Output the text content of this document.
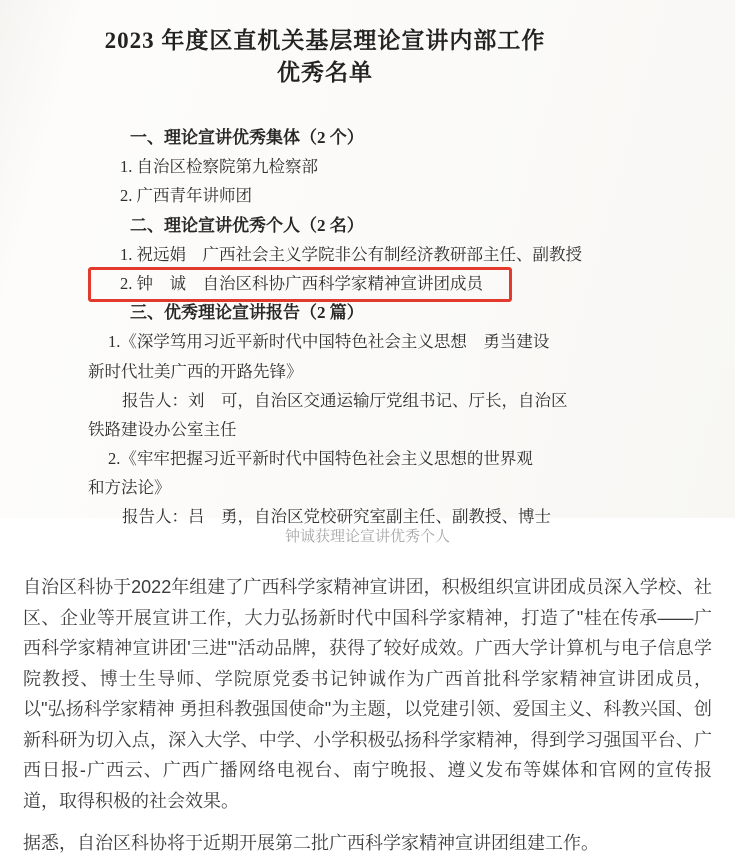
2023 年度区直机关基层理论宣讲内部工作
优秀名单
一、理论宣讲优秀集体（2 个）
1. 自治区检察院第九检察部
2. 广西青年讲师团
二、理论宣讲优秀个人（2 名）
1. 祝远娟　广西社会主义学院非公有制经济教研部主任、副教授
2. 钟　诚　自治区科协广西科学家精神宣讲团成员
三、优秀理论宣讲报告（2 篇）
1.《深学笃用习近平新时代中国特色社会主义思想　勇当建设
新时代壮美广西的开路先锋》
报告人：刘　可，自治区交通运输厅党组书记、厅长，自治区
铁路建设办公室主任
2.《牢牢把握习近平新时代中国特色社会主义思想的世界观
和方法论》
报告人：吕　勇，自治区党校研究室副主任、副教授、博士
钟诚获理论宣讲优秀个人

自治区科协于2022年组建了广西科学家精神宣讲团，积极组织宣讲团成员深入学校、社区、企业等开展宣讲工作，大力弘扬新时代中国科学家精神，打造了"桂在传承——广西科学家精神宣讲团'三进'"活动品牌，获得了较好成效。广西大学计算机与电子信息学院教授、博士生导师、学院原党委书记钟诚作为广西首批科学家精神宣讲团成员，以"弘扬科学家精神 勇担科教强国使命"为主题，以党建引领、爱国主义、科教兴国、创新科研为切入点，深入大学、中学、小学积极弘扬科学家精神，得到学习强国平台、广西日报-广西云、广西广播网络电视台、南宁晚报、遵义发布等媒体和官网的宣传报道，取得积极的社会效果。

据悉，自治区科协将于近期开展第二批广西科学家精神宣讲团组建工作。
